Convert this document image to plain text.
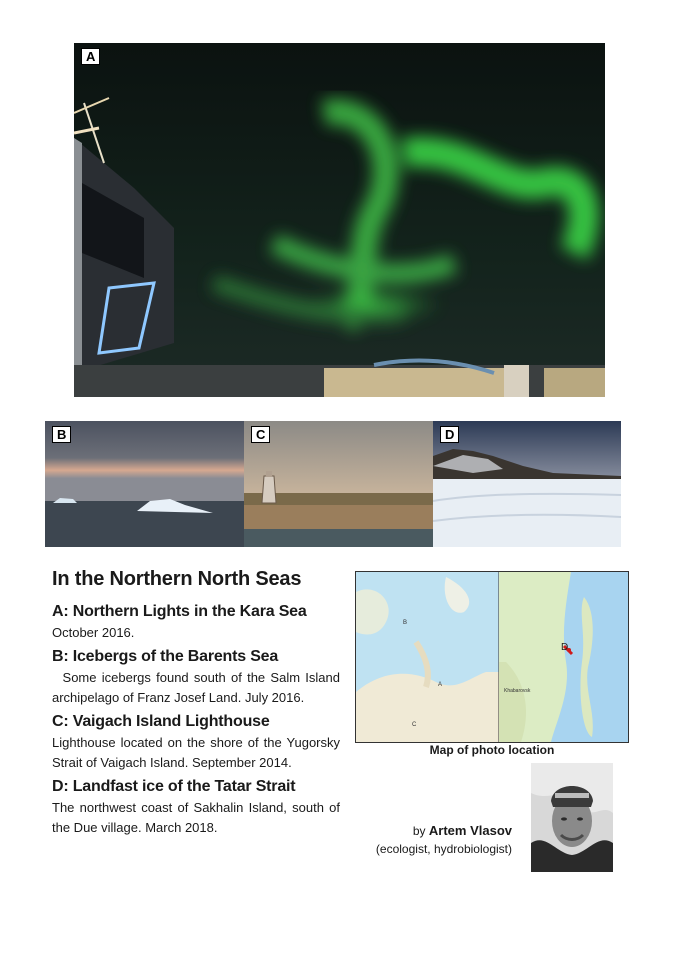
A
B	C	D
In the Northern North Seas
A: Northern Lights in the Kara Sea

October 2016.

B: Icebergs of the Barents Sea

Some icebergs found south of the Salm Island archipelago of Franz Josef Land. July 2016.

C: Vaigach Island Lighthouse

Lighthouse located on the shore of the Yugorsky Strait of Vaigach Island. September 2014.

D: Landfast ice of the Tatar Strait

The northwest coast of Sakhalin Island, south of the Due village. March 2018.

B
A
C
D
Khabarovsk
Map of photo location
by Artem Vlasov
(ecologist, hydrobiologist)
